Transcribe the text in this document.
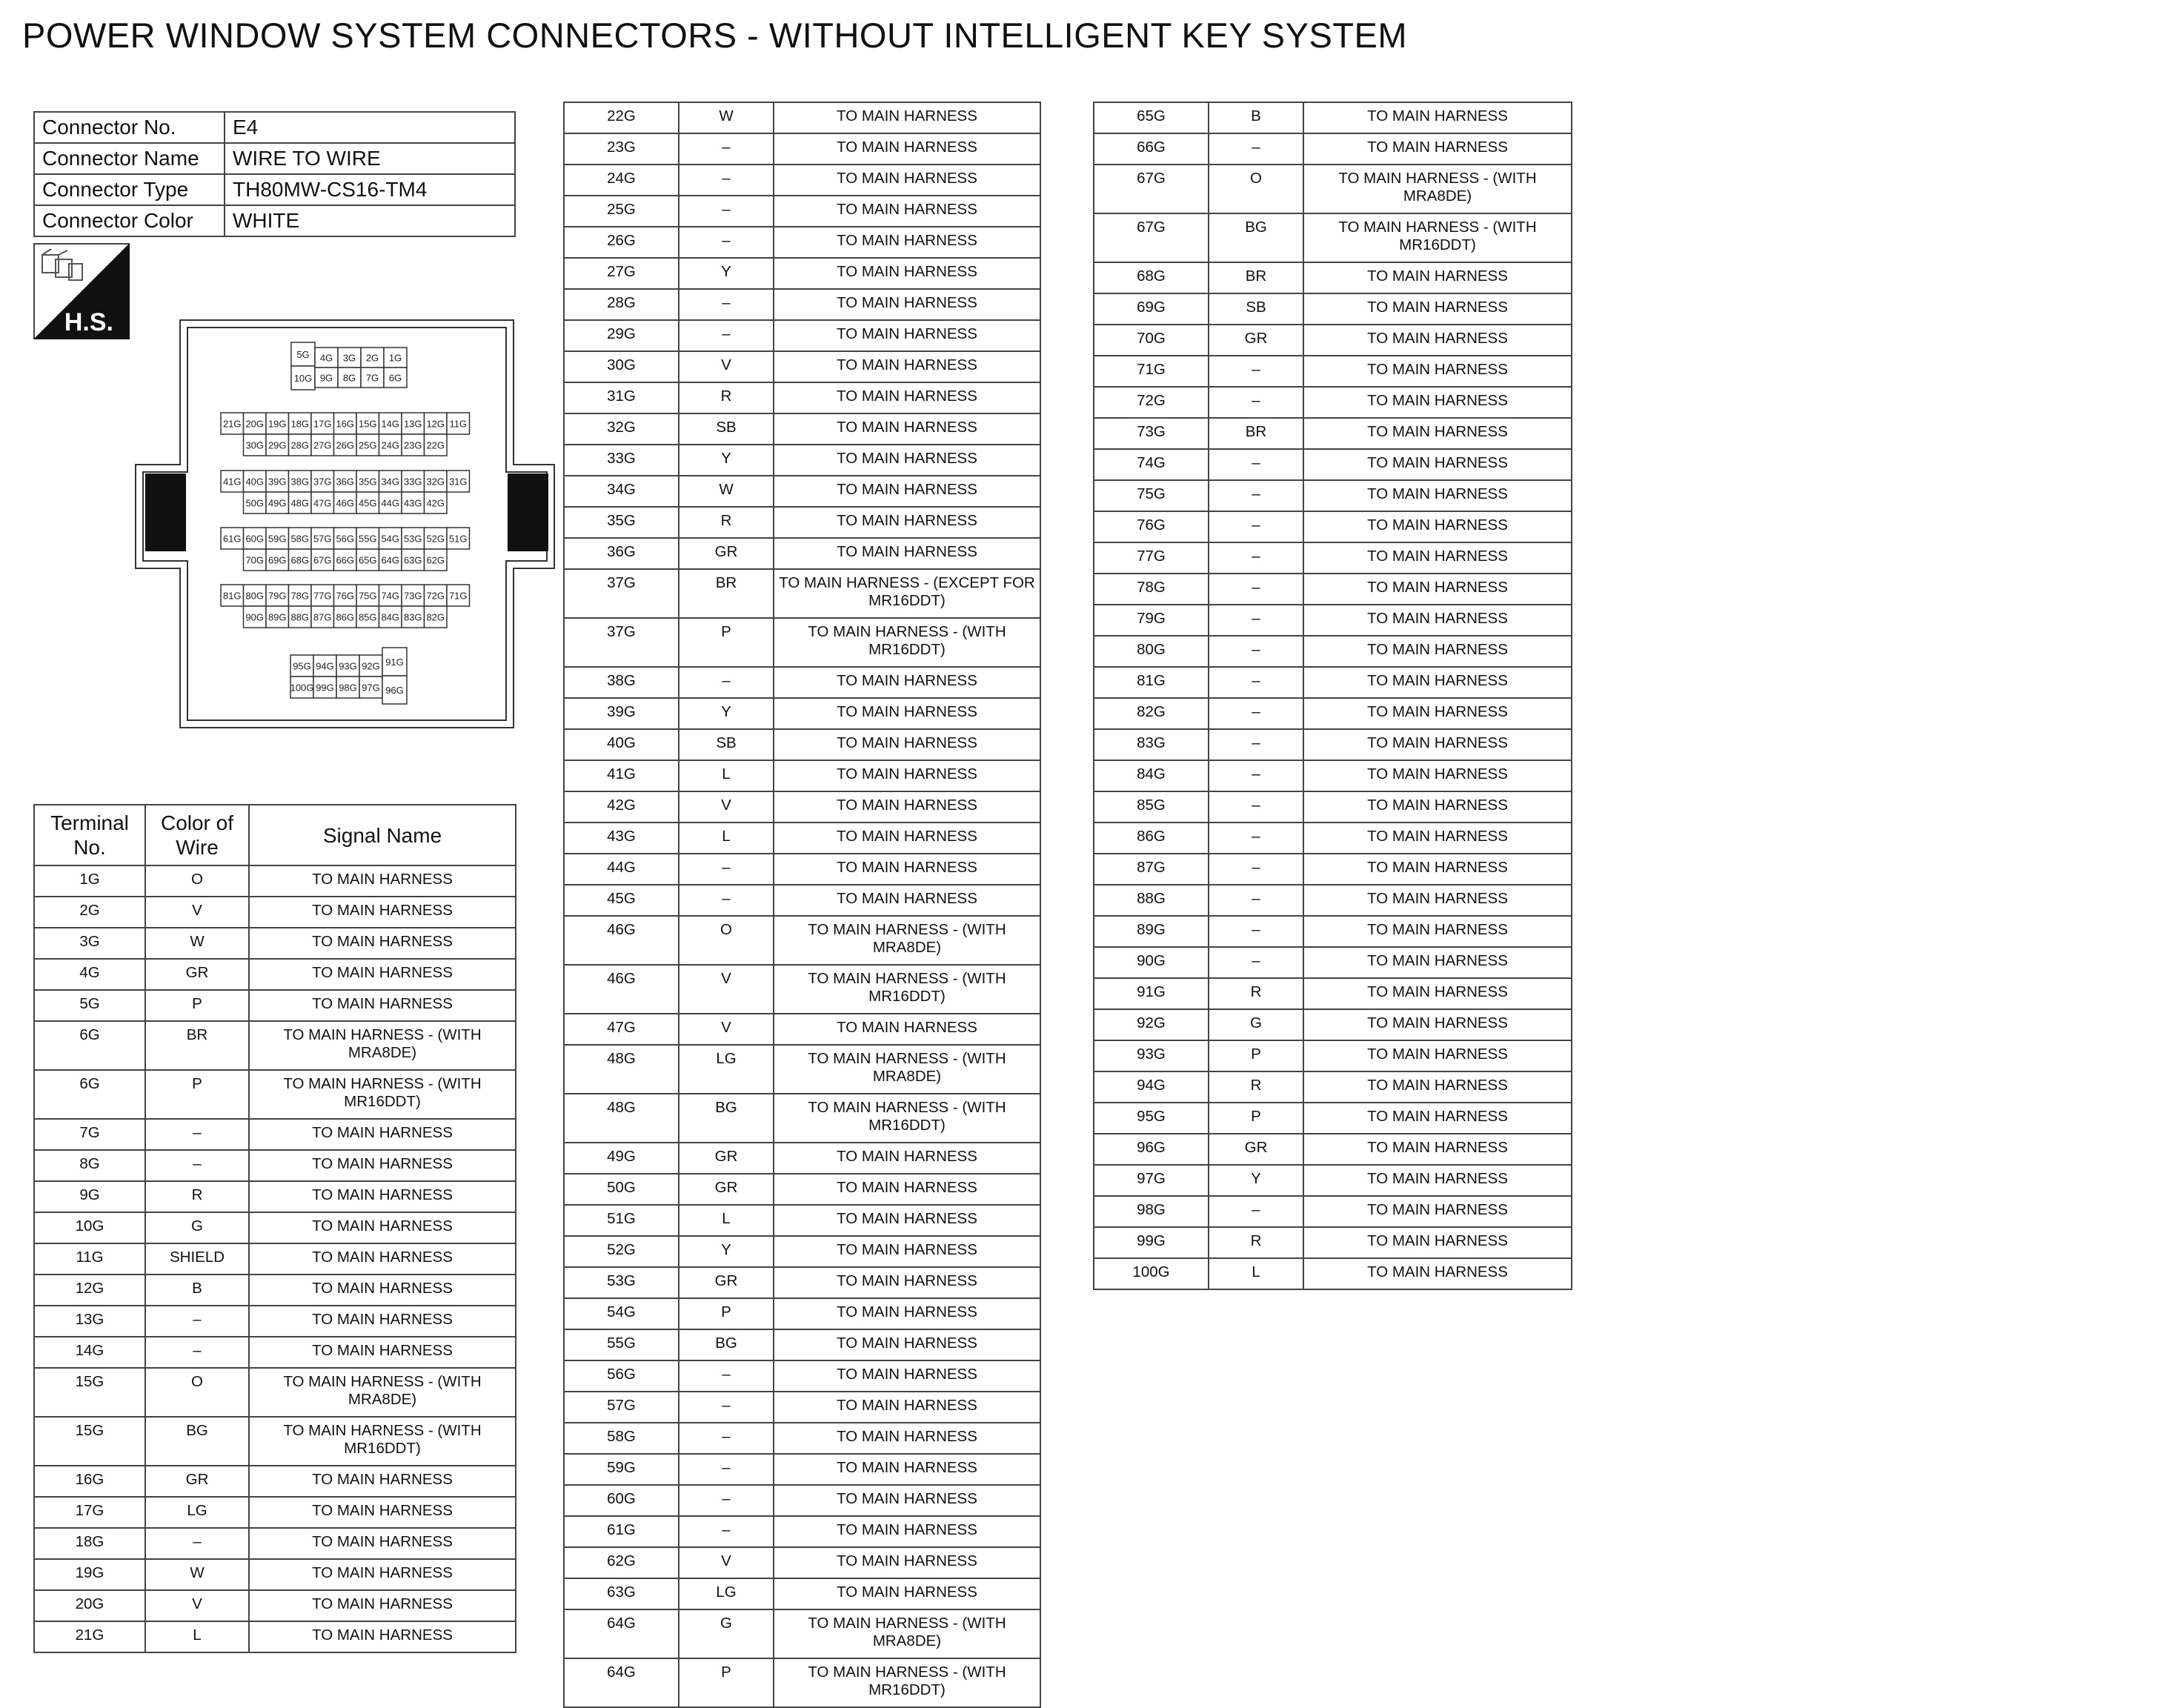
POWER WINDOW SYSTEM CONNECTORS - WITHOUT INTELLIGENT KEY SYSTEM
Connector No.	E4
Connector Name	WIRE TO WIRE
Connector Type	TH80MW-CS16-TM4
Connector Color	WHITE
H.S.
5G
10G
4G 3G 2G 1G
9G 8G 7G 6G
21G 20G 19G 18G 17G 16G 15G 14G 13G 12G 11G
30G 29G 28G 27G 26G 25G 24G 23G 22G
41G 40G 39G 38G 37G 36G 35G 34G 33G 32G 31G
50G 49G 48G 47G 46G 45G 44G 43G 42G
61G 60G 59G 58G 57G 56G 55G 54G 53G 52G 51G
70G 69G 68G 67G 66G 65G 64G 63G 62G
81G 80G 79G 78G 77G 76G 75G 74G 73G 72G 71G
90G 89G 88G 87G 86G 85G 84G 83G 82G
95G 94G 93G 92G
100G 99G 98G 97G
91G
96G
Terminal No.	Color of Wire	Signal Name
1G	O	TO MAIN HARNESS
2G	V	TO MAIN HARNESS
3G	W	TO MAIN HARNESS
4G	GR	TO MAIN HARNESS
5G	P	TO MAIN HARNESS
6G	BR	TO MAIN HARNESS - (WITH MRA8DE)
6G	P	TO MAIN HARNESS - (WITH MR16DDT)
7G	–	TO MAIN HARNESS
8G	–	TO MAIN HARNESS
9G	R	TO MAIN HARNESS
10G	G	TO MAIN HARNESS
11G	SHIELD	TO MAIN HARNESS
12G	B	TO MAIN HARNESS
13G	–	TO MAIN HARNESS
14G	–	TO MAIN HARNESS
15G	O	TO MAIN HARNESS - (WITH MRA8DE)
15G	BG	TO MAIN HARNESS - (WITH MR16DDT)
16G	GR	TO MAIN HARNESS
17G	LG	TO MAIN HARNESS
18G	–	TO MAIN HARNESS
19G	W	TO MAIN HARNESS
20G	V	TO MAIN HARNESS
21G	L	TO MAIN HARNESS
22G	W	TO MAIN HARNESS
23G	–	TO MAIN HARNESS
24G	–	TO MAIN HARNESS
25G	–	TO MAIN HARNESS
26G	–	TO MAIN HARNESS
27G	Y	TO MAIN HARNESS
28G	–	TO MAIN HARNESS
29G	–	TO MAIN HARNESS
30G	V	TO MAIN HARNESS
31G	R	TO MAIN HARNESS
32G	SB	TO MAIN HARNESS
33G	Y	TO MAIN HARNESS
34G	W	TO MAIN HARNESS
35G	R	TO MAIN HARNESS
36G	GR	TO MAIN HARNESS
37G	BR	TO MAIN HARNESS - (EXCEPT FOR MR16DDT)
37G	P	TO MAIN HARNESS - (WITH MR16DDT)
38G	–	TO MAIN HARNESS
39G	Y	TO MAIN HARNESS
40G	SB	TO MAIN HARNESS
41G	L	TO MAIN HARNESS
42G	V	TO MAIN HARNESS
43G	L	TO MAIN HARNESS
44G	–	TO MAIN HARNESS
45G	–	TO MAIN HARNESS
46G	O	TO MAIN HARNESS - (WITH MRA8DE)
46G	V	TO MAIN HARNESS - (WITH MR16DDT)
47G	V	TO MAIN HARNESS
48G	LG	TO MAIN HARNESS - (WITH MRA8DE)
48G	BG	TO MAIN HARNESS - (WITH MR16DDT)
49G	GR	TO MAIN HARNESS
50G	GR	TO MAIN HARNESS
51G	L	TO MAIN HARNESS
52G	Y	TO MAIN HARNESS
53G	GR	TO MAIN HARNESS
54G	P	TO MAIN HARNESS
55G	BG	TO MAIN HARNESS
56G	–	TO MAIN HARNESS
57G	–	TO MAIN HARNESS
58G	–	TO MAIN HARNESS
59G	–	TO MAIN HARNESS
60G	–	TO MAIN HARNESS
61G	–	TO MAIN HARNESS
62G	V	TO MAIN HARNESS
63G	LG	TO MAIN HARNESS
64G	G	TO MAIN HARNESS - (WITH MRA8DE)
64G	P	TO MAIN HARNESS - (WITH MR16DDT)
65G	B	TO MAIN HARNESS
66G	–	TO MAIN HARNESS
67G	O	TO MAIN HARNESS - (WITH MRA8DE)
67G	BG	TO MAIN HARNESS - (WITH MR16DDT)
68G	BR	TO MAIN HARNESS
69G	SB	TO MAIN HARNESS
70G	GR	TO MAIN HARNESS
71G	–	TO MAIN HARNESS
72G	–	TO MAIN HARNESS
73G	BR	TO MAIN HARNESS
74G	–	TO MAIN HARNESS
75G	–	TO MAIN HARNESS
76G	–	TO MAIN HARNESS
77G	–	TO MAIN HARNESS
78G	–	TO MAIN HARNESS
79G	–	TO MAIN HARNESS
80G	–	TO MAIN HARNESS
81G	–	TO MAIN HARNESS
82G	–	TO MAIN HARNESS
83G	–	TO MAIN HARNESS
84G	–	TO MAIN HARNESS
85G	–	TO MAIN HARNESS
86G	–	TO MAIN HARNESS
87G	–	TO MAIN HARNESS
88G	–	TO MAIN HARNESS
89G	–	TO MAIN HARNESS
90G	–	TO MAIN HARNESS
91G	R	TO MAIN HARNESS
92G	G	TO MAIN HARNESS
93G	P	TO MAIN HARNESS
94G	R	TO MAIN HARNESS
95G	P	TO MAIN HARNESS
96G	GR	TO MAIN HARNESS
97G	Y	TO MAIN HARNESS
98G	–	TO MAIN HARNESS
99G	R	TO MAIN HARNESS
100G	L	TO MAIN HARNESS
